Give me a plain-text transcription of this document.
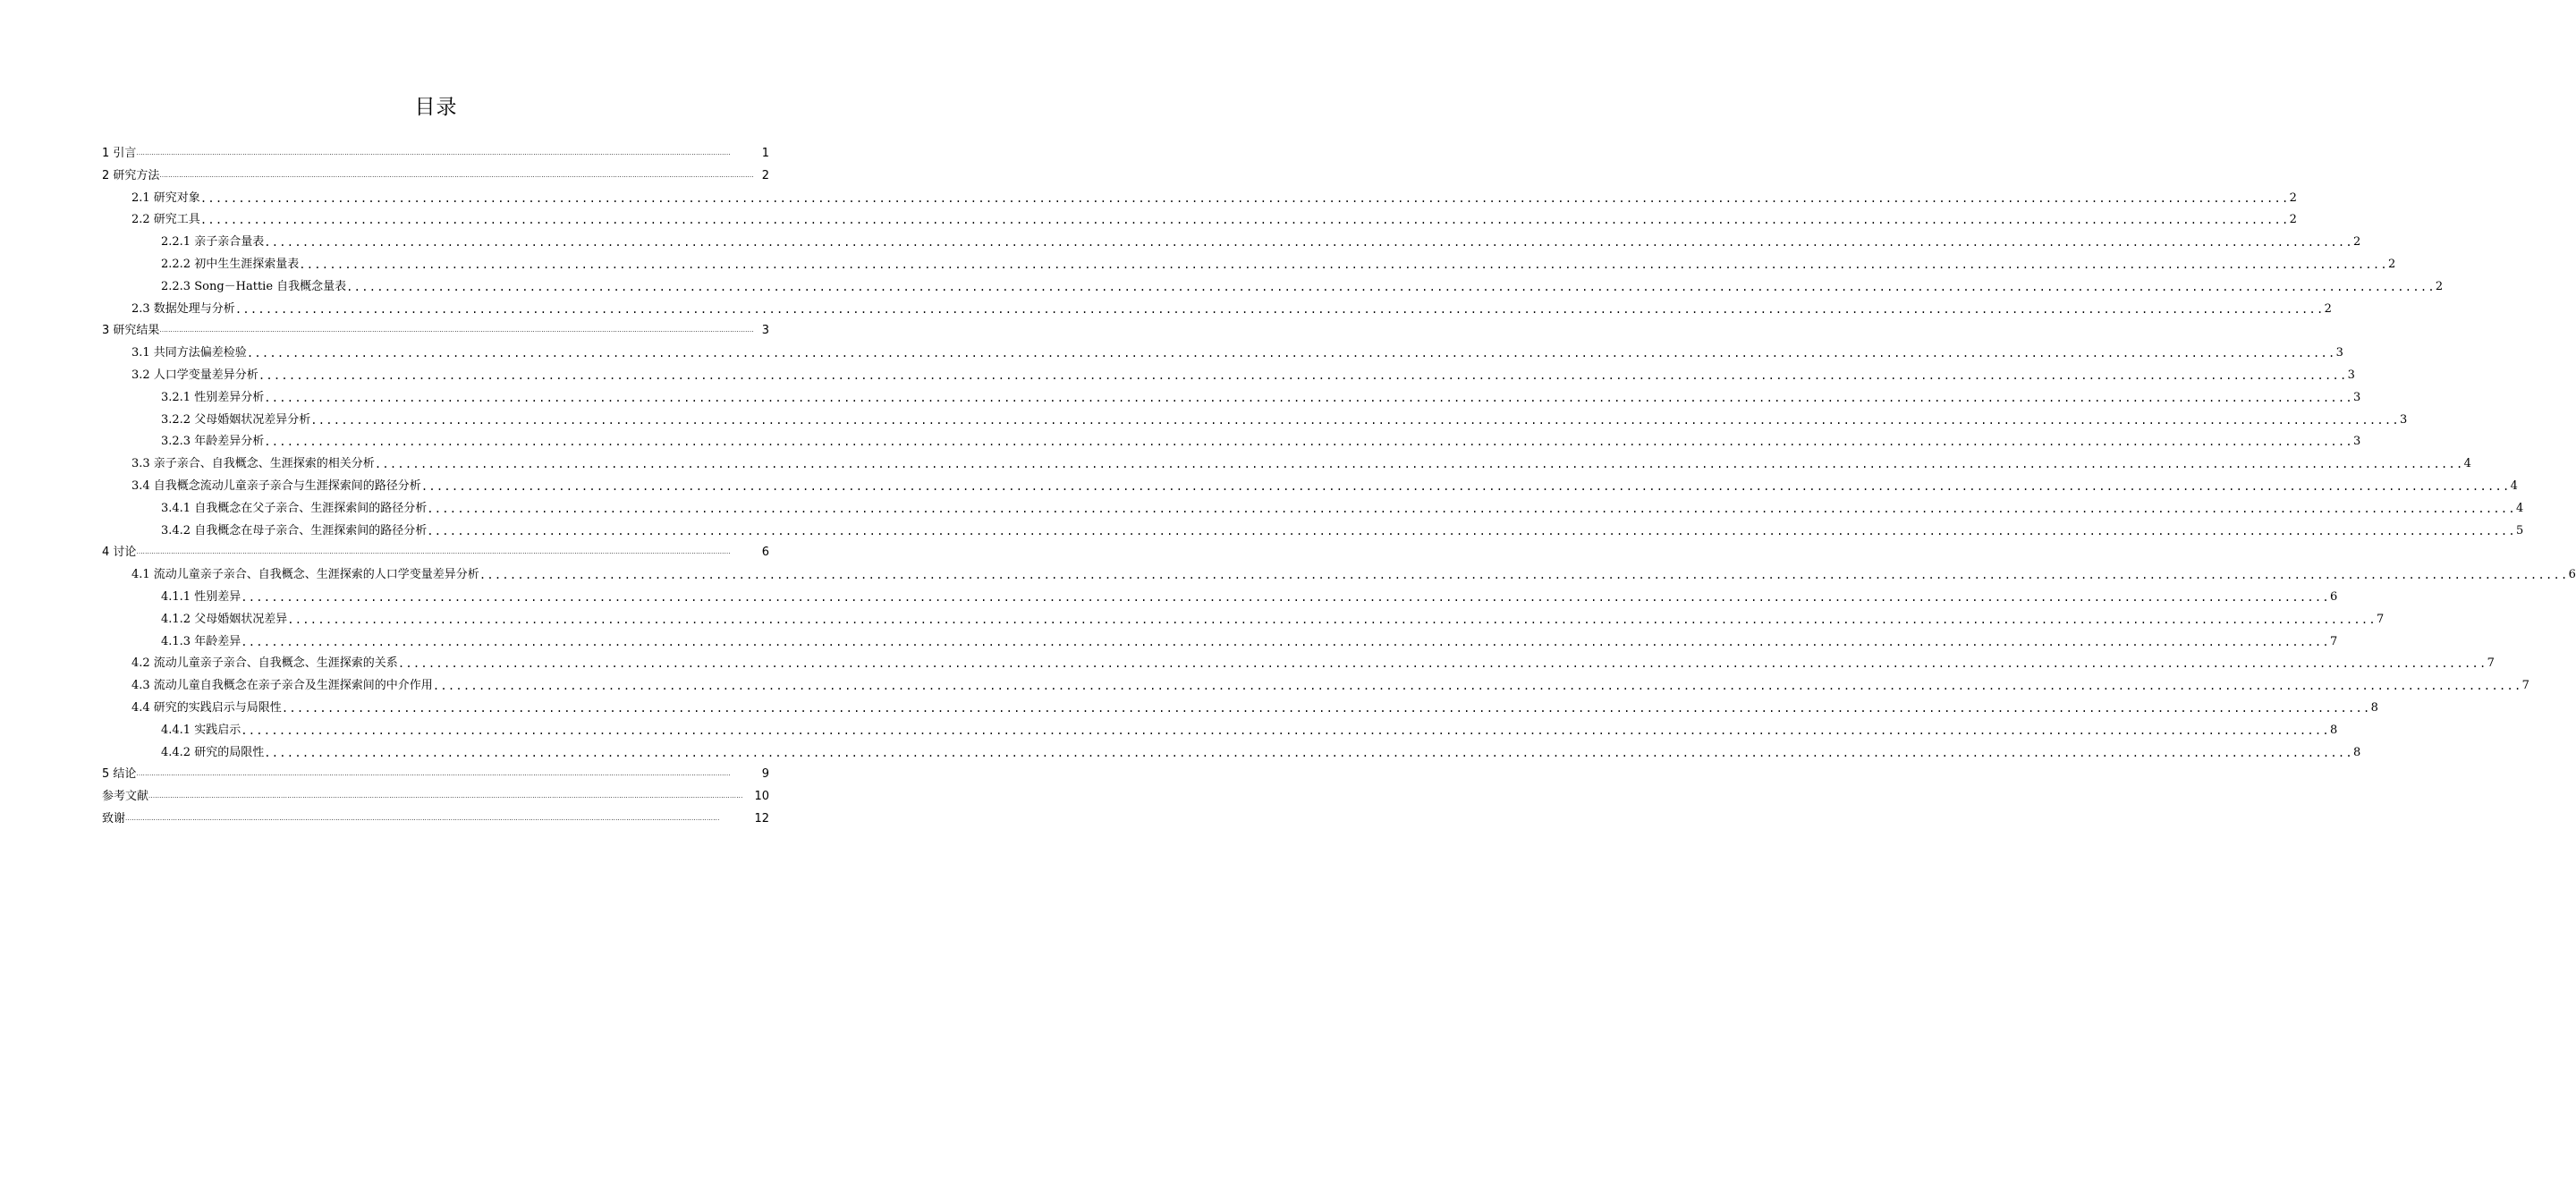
目录
1 引言 ..................................................................................................................................................................................................................................................................................	1
2 研究方法 .................................................................................................................................................................................................................................................................................. 2
2.1 研究对象 .................................................................................................................................................................................................................................................................................. 2
2.2 研究工具 .................................................................................................................................................................................................................................................................................. 2
2.2.1 亲子亲合量表 .................................................................................................................................................................................................................................................................................. 2
2.2.2 初中生生涯探索量表 .................................................................................................................................................................................................................................................................................. 2
2.2.3 Song－Hattie 自我概念量表 .................................................................................................................................................................................................................................................................................. 2
2.3 数据处理与分析 .................................................................................................................................................................................................................................................................................. 2
3 研究结果 .................................................................................................................................................................................................................................................................................. 3
3.1 共同方法偏差检验 .................................................................................................................................................................................................................................................................................. 3
3.2 人口学变量差异分析 .................................................................................................................................................................................................................................................................................. 3
3.2.1 性别差异分析 .................................................................................................................................................................................................................................................................................. 3
3.2.2 父母婚姻状况差异分析 .................................................................................................................................................................................................................................................................................. 3
3.2.3 年龄差异分析 .................................................................................................................................................................................................................................................................................. 3
3.3 亲子亲合、自我概念、生涯探索的相关分析 .................................................................................................................................................................................................................................................................................. 4
3.4 自我概念流动儿童亲子亲合与生涯探索间的路径分析 .................................................................................................................................................................................................................................................................................. 4
3.4.1 自我概念在父子亲合、生涯探索间的路径分析 .................................................................................................................................................................................................................................................................................. 4
3.4.2 自我概念在母子亲合、生涯探索间的路径分析 .................................................................................................................................................................................................................................................................................. 5
4 讨论 ..................................................................................................................................................................................................................................................................................	6
4.1 流动儿童亲子亲合、自我概念、生涯探索的人口学变量差异分析 .................................................................................................................................................................................................................................................................................. 6
4.1.1 性别差异 .................................................................................................................................................................................................................................................................................. 6
4.1.2 父母婚姻状况差异 .................................................................................................................................................................................................................................................................................. 7
4.1.3 年龄差异 .................................................................................................................................................................................................................................................................................. 7
4.2 流动儿童亲子亲合、自我概念、生涯探索的关系 .................................................................................................................................................................................................................................................................................. 7
4.3 流动儿童自我概念在亲子亲合及生涯探索间的中介作用 .................................................................................................................................................................................................................................................................................. 7
4.4 研究的实践启示与局限性 .................................................................................................................................................................................................................................................................................. 8
4.4.1 实践启示 .................................................................................................................................................................................................................................................................................. 8
4.4.2 研究的局限性 .................................................................................................................................................................................................................................................................................. 8
5 结论 ..................................................................................................................................................................................................................................................................................	9
参考文献 .................................................................................................................................................................................................................................................................................. 10
致谢 ..................................................................................................................................................................................................................................................................................	12
